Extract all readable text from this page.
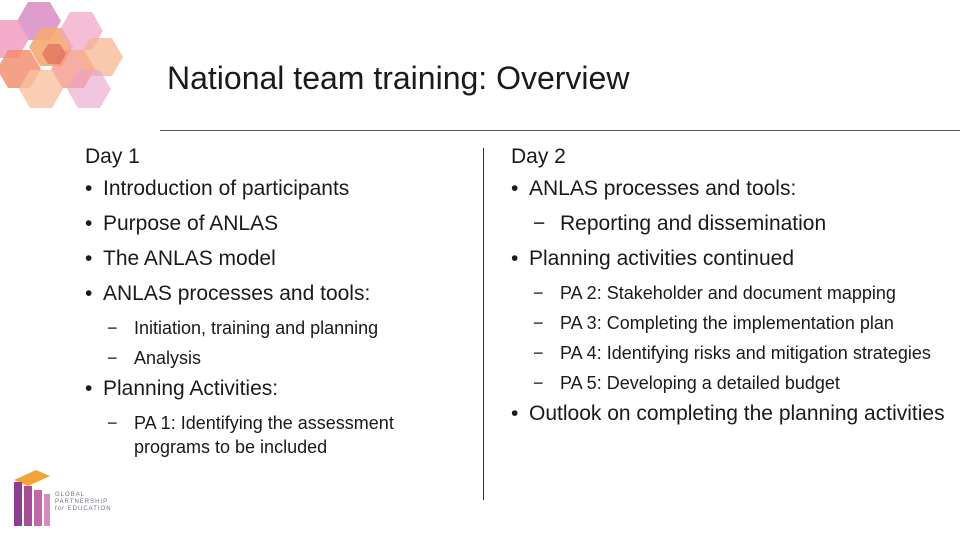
National team training: Overview
Day 1
• Introduction of participants
• Purpose of ANLAS
• The ANLAS model
• ANLAS processes and tools:
− Initiation, training and planning
− Analysis
• Planning Activities:
− PA 1: Identifying the assessment programs to be included
Day 2
• ANLAS processes and tools:
− Reporting and dissemination
• Planning activities continued
− PA 2: Stakeholder and document mapping
− PA 3: Completing the implementation plan
− PA 4: Identifying risks and mitigation strategies
− PA 5: Developing a detailed budget
• Outlook on completing the planning activities
GLOBAL
PARTNERSHIP
for EDUCATION
